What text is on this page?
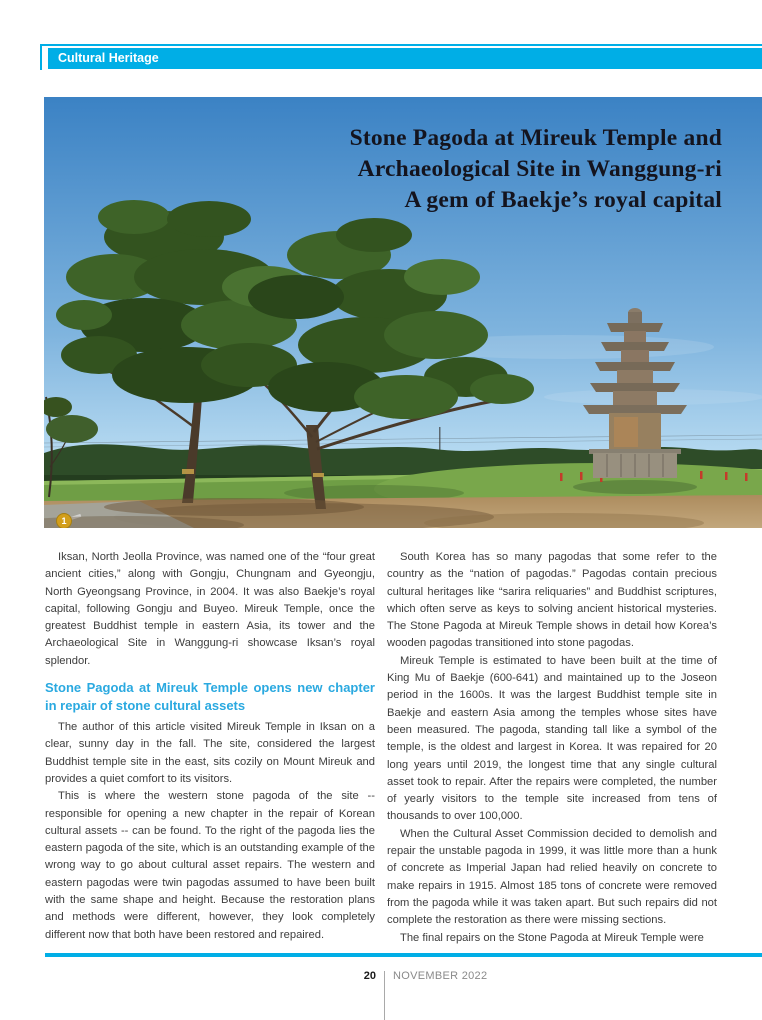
Cultural Heritage
Stone Pagoda at Mireuk Temple and
Archaeological Site in Wanggung-ri
A gem of Baekje’s royal capital
1

Iksan, North Jeolla Province, was named one of the “four great ancient cities,” along with Gongju, Chungnam and Gyeongju, North Gyeongsang Province, in 2004. It was also Baekje’s royal capital, following Gongju and Buyeo. Mireuk Temple, once the greatest Buddhist temple in eastern Asia, its tower and the Archaeological Site in Wanggung-ri showcase Iksan’s royal splendor.

Stone Pagoda at Mireuk Temple opens new chapter in repair of stone cultural assets

The author of this article visited Mireuk Temple in Iksan on a clear, sunny day in the fall. The site, considered the largest Buddhist temple site in the east, sits cozily on Mount Mireuk and provides a quiet comfort to its visitors.

This is where the western stone pagoda of the site -- responsible for opening a new chapter in the repair of Korean cultural assets -- can be found. To the right of the pagoda lies the eastern pagoda of the site, which is an outstanding example of the wrong way to go about cultural asset repairs. The western and eastern pagodas were twin pagodas assumed to have been built with the same shape and height. Because the restoration plans and methods were different, however, they look completely different now that both have been restored and repaired.

South Korea has so many pagodas that some refer to the country as the “nation of pagodas.” Pagodas contain precious cultural heritages like “sarira reliquaries” and Buddhist scriptures, which often serve as keys to solving ancient historical mysteries. The Stone Pagoda at Mireuk Temple shows in detail how Korea’s wooden pagodas transitioned into stone pagodas.

Mireuk Temple is estimated to have been built at the time of King Mu of Baekje (600-641) and maintained up to the Joseon period in the 1600s. It was the largest Buddhist temple site in Baekje and eastern Asia among the temples whose sites have been measured. The pagoda, standing tall like a symbol of the temple, is the oldest and largest in Korea. It was repaired for 20 long years until 2019, the longest time that any single cultural asset took to repair. After the repairs were completed, the number of yearly visitors to the temple site increased from tens of thousands to over 100,000.

When the Cultural Asset Commission decided to demolish and repair the unstable pagoda in 1999, it was little more than a hunk of concrete as Imperial Japan had relied heavily on concrete to make repairs in 1915. Almost 185 tons of concrete were removed from the pagoda while it was taken apart. But such repairs did not complete the restoration as there were missing sections.

The final repairs on the Stone Pagoda at Mireuk Temple were

20 NOVEMBER 2022
